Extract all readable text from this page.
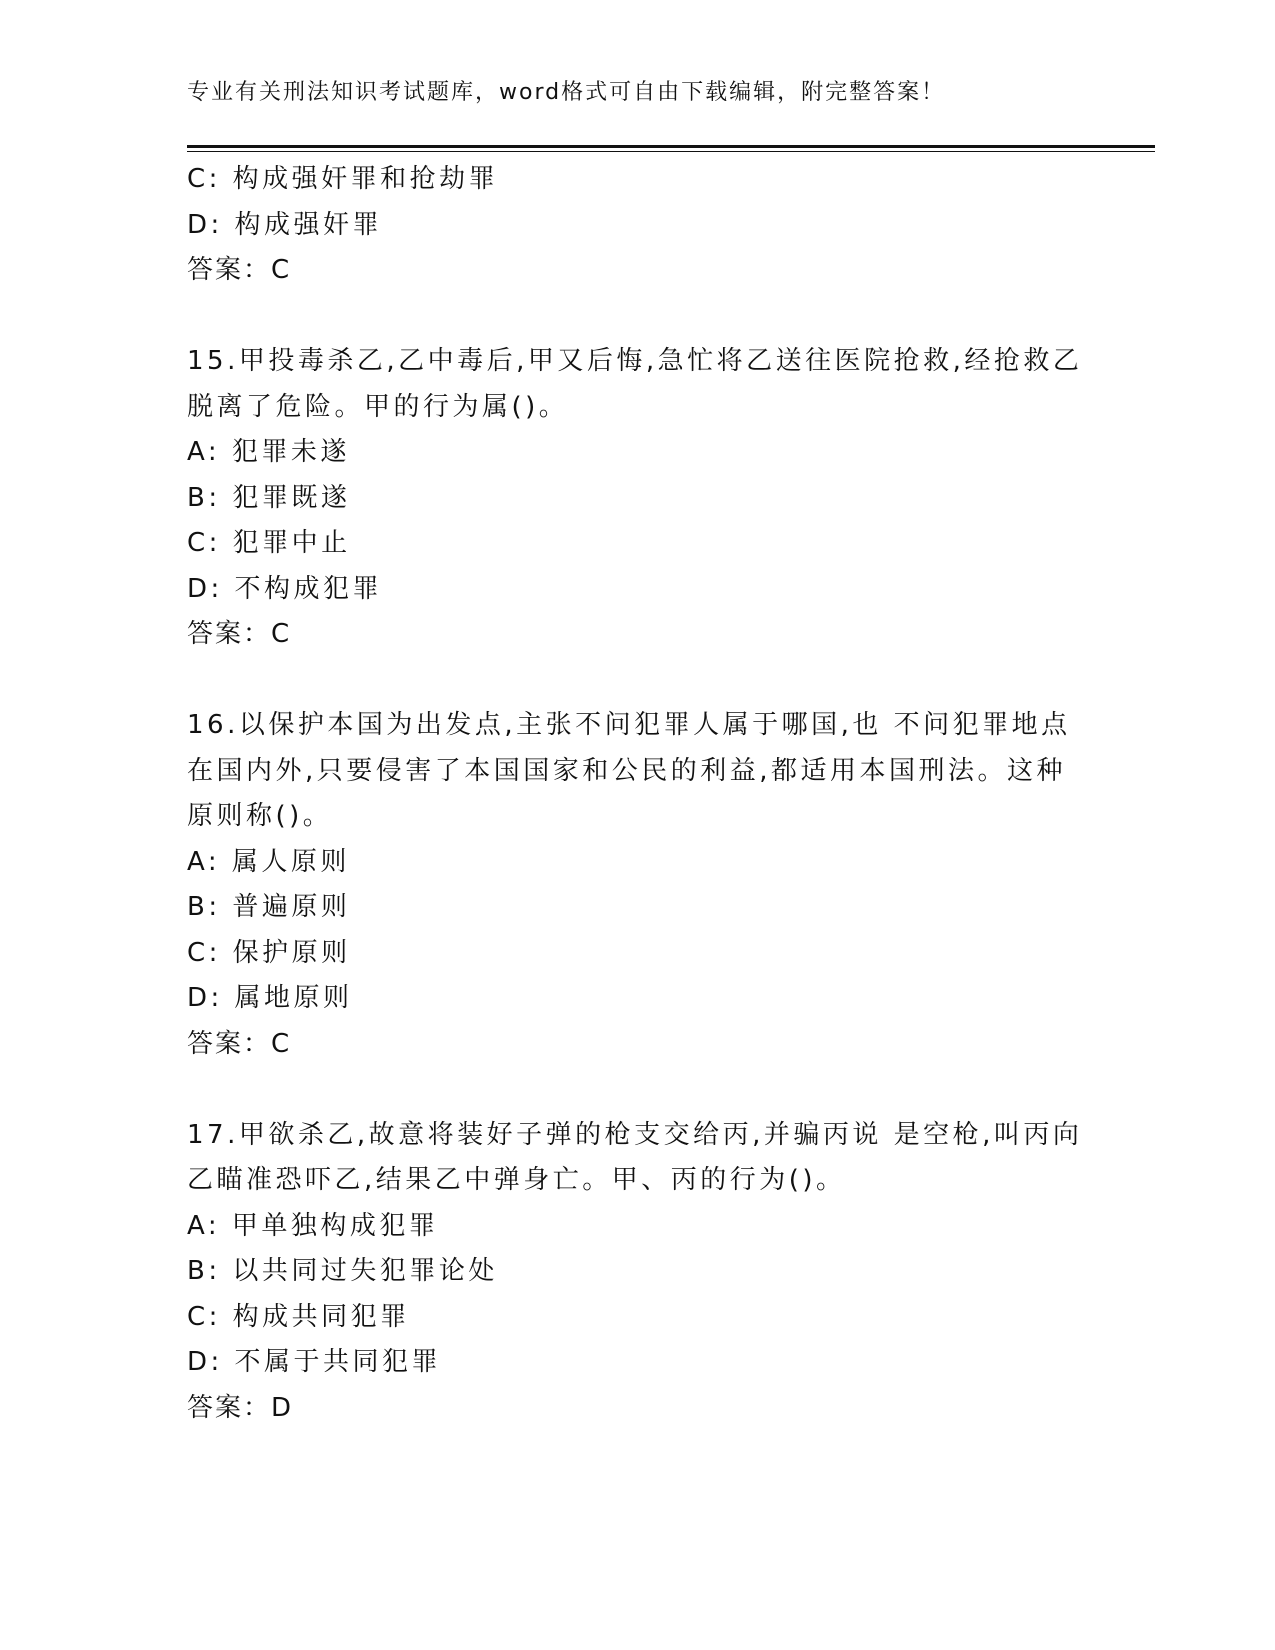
专业有关刑法知识考试题库，word格式可自由下载编辑，附完整答案！
C: 构成强奸罪和抢劫罪
D: 构成强奸罪
答案：C
15.甲投毒杀乙,乙中毒后,甲又后悔,急忙将乙送往医院抢救,经抢救乙
脱离了危险。甲的行为属()。
A: 犯罪未遂
B: 犯罪既遂
C: 犯罪中止
D: 不构成犯罪
答案：C
16.以保护本国为出发点,主张不问犯罪人属于哪国,也 不问犯罪地点
在国内外,只要侵害了本国国家和公民的利益,都适用本国刑法。这种
原则称()。
A: 属人原则
B: 普遍原则
C: 保护原则
D: 属地原则
答案：C
17.甲欲杀乙,故意将装好子弹的枪支交给丙,并骗丙说 是空枪,叫丙向
乙瞄准恐吓乙,结果乙中弹身亡。甲、丙的行为()。
A: 甲单独构成犯罪
B: 以共同过失犯罪论处
C: 构成共同犯罪
D: 不属于共同犯罪
答案：D
